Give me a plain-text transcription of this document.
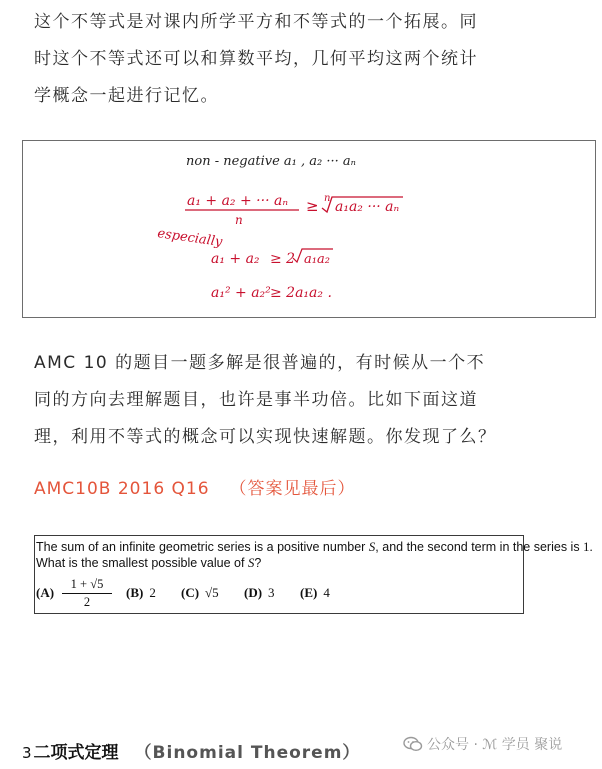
这个不等式是对课内所学平方和不等式的一个拓展。同
时这个不等式还可以和算数平均，几何平均这两个统计
学概念一起进行记忆。
non - negative a₁ , a₂ ··· aₙ
a₁ + a₂ + ··· aₙ
n
≥ n
a₁a₂ ··· aₙ
especially
a₁ + a₂ ≥ 2 a₁a₂
a₁² + a₂² ≥ 2a₁a₂ .
AMC 10 的题目一题多解是很普遍的，有时候从一个不
同的方向去理解题目，也许是事半功倍。比如下面这道
理，利用不等式的概念可以实现快速解题。你发现了么？

AMC10B 2016 Q16 （答案见最后）

The sum of an infinite geometric series is a positive number S, and the second term in the series is 1.
What is the smallest possible value of S?
$(A) \frac{1 + √5}{2} (B)$ 2 (C) √5 (D) 3 (E) 4

3 二项式定理 （Binomial Theorem）	公众号 · ℳ 学员 聚说
